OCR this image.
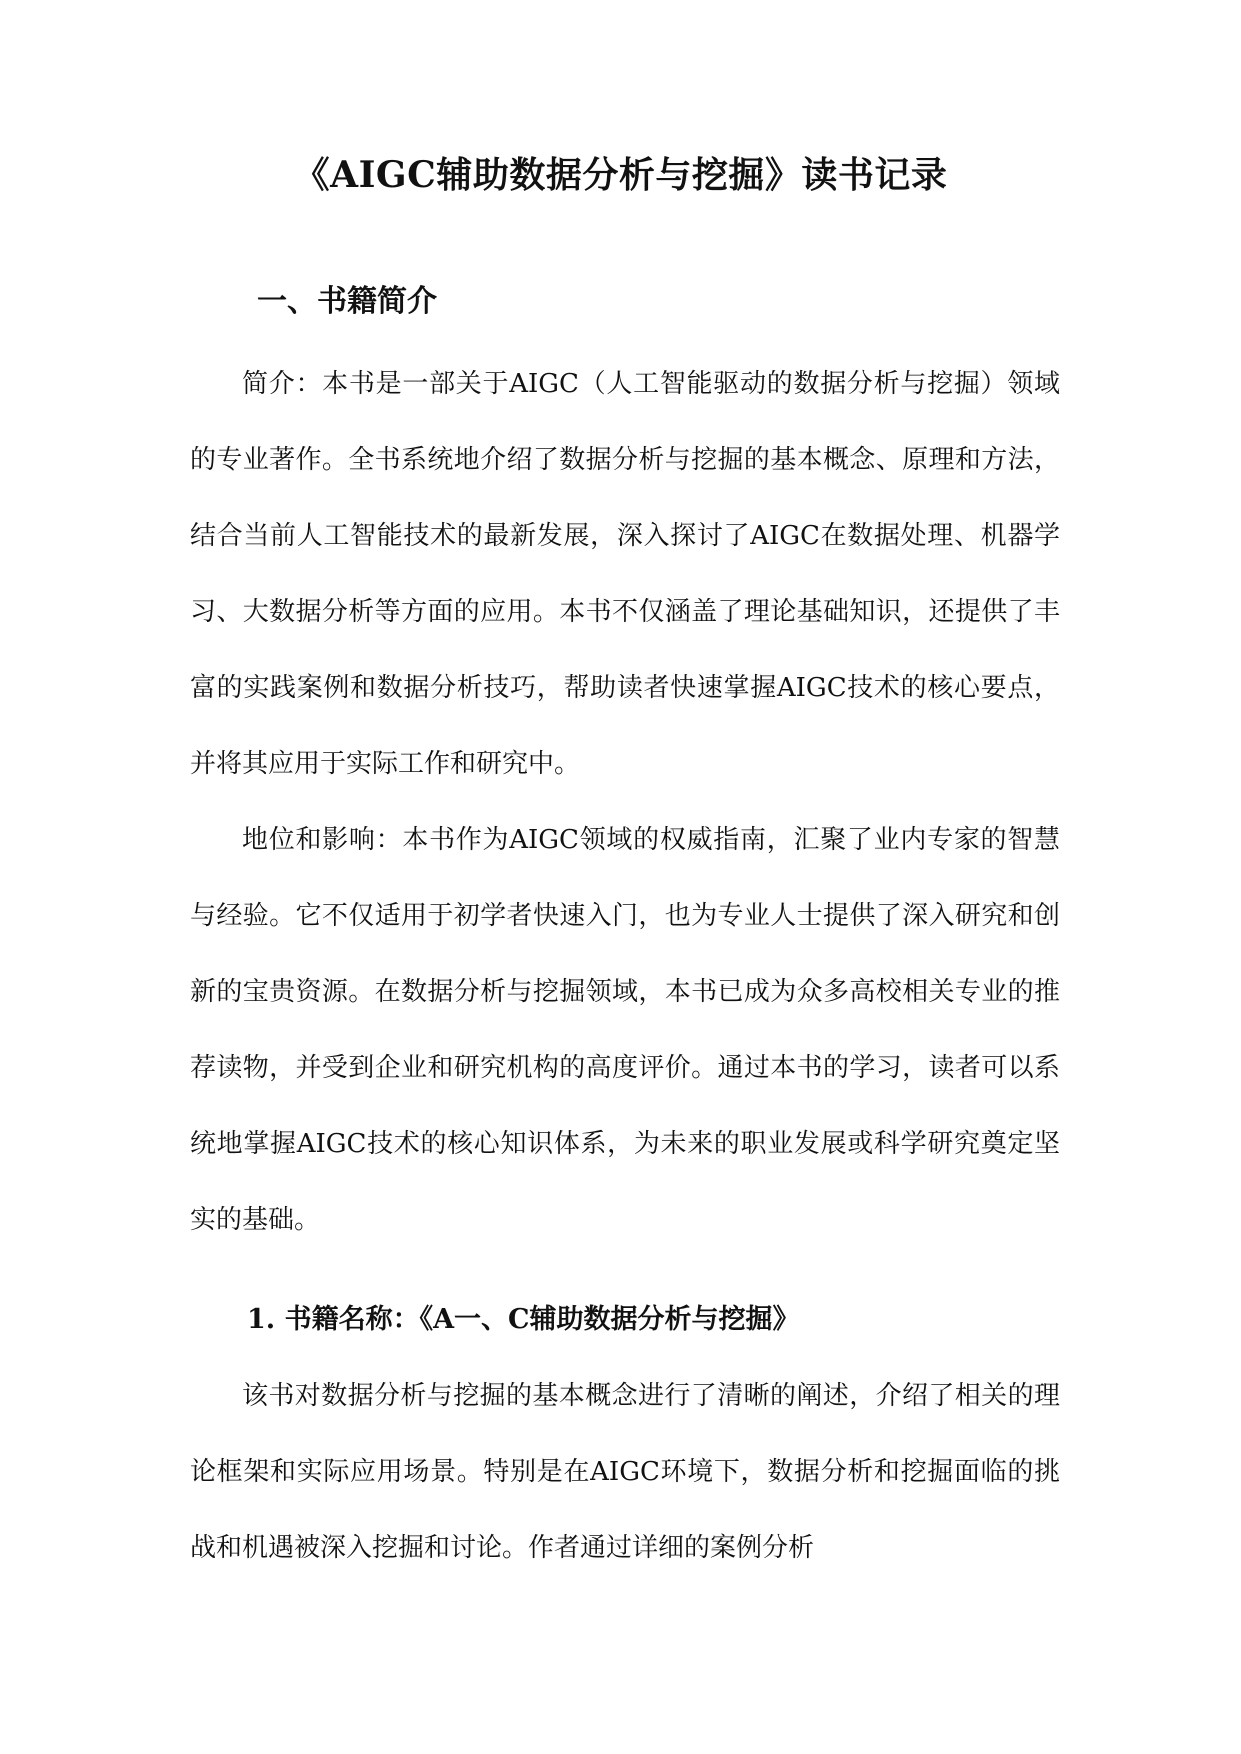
《AIGC辅助数据分析与挖掘》读书记录
一、书籍简介

简介：本书是一部关于AIGC（人工智能驱动的数据分析与挖掘）领域的专业著作。全书系统地介绍了数据分析与挖掘的基本概念、原理和方法，结合当前人工智能技术的最新发展，深入探讨了AIGC在数据处理、机器学习、大数据分析等方面的应用。本书不仅涵盖了理论基础知识，还提供了丰富的实践案例和数据分析技巧，帮助读者快速掌握AIGC技术的核心要点，并将其应用于实际工作和研究中。

地位和影响：本书作为AIGC领域的权威指南，汇聚了业内专家的智慧与经验。它不仅适用于初学者快速入门，也为专业人士提供了深入研究和创新的宝贵资源。在数据分析与挖掘领域，本书已成为众多高校相关专业的推荐读物，并受到企业和研究机构的高度评价。通过本书的学习，读者可以系统地掌握AIGC技术的核心知识体系，为未来的职业发展或科学研究奠定坚实的基础。

1. 书籍名称：《A一、C辅助数据分析与挖掘》

该书对数据分析与挖掘的基本概念进行了清晰的阐述，介绍了相关的理论框架和实际应用场景。特别是在AIGC环境下，数据分析和挖掘面临的挑战和机遇被深入挖掘和讨论。作者通过详细的案例分析
